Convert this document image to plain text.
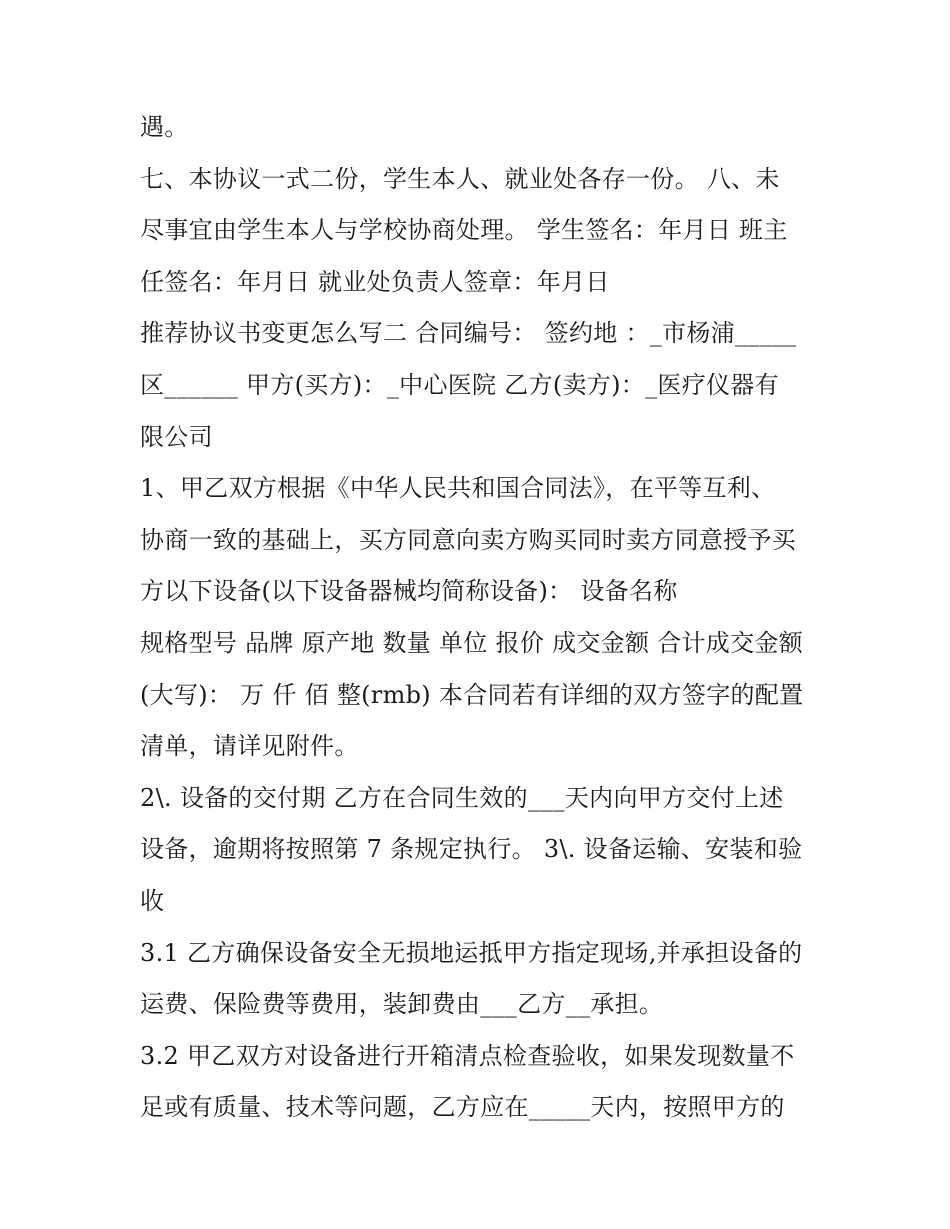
遇。
七、本协议一式二份，学生本人、就业处各存一份。 八、未
尽事宜由学生本人与学校协商处理。 学生签名：年月日 班主
任签名：年月日 就业处负责人签章：年月日
推荐协议书变更怎么写二 合同编号： 签约地 ：_市杨浦_____
区______ 甲方(买方)：_中心医院 乙方(卖方)：_医疗仪器有
限公司
1、甲乙双方根据《中华人民共和国合同法》，在平等互利、
协商一致的基础上，买方同意向卖方购买同时卖方同意授予买
方以下设备(以下设备器械均简称设备)： 设备名称
规格型号 品牌 原产地 数量 单位 报价 成交金额 合计成交金额
(大写)： 万 仟 佰 整(rmb) 本合同若有详细的双方签字的配置
清单，请详见附件。
2\. 设备的交付期 乙方在合同生效的___天内向甲方交付上述
设备，逾期将按照第 7 条规定执行。 3\. 设备运输、安装和验
收
3.1 乙方确保设备安全无损地运抵甲方指定现场,并承担设备的
运费、保险费等费用，装卸费由___乙方__承担。
3.2 甲乙双方对设备进行开箱清点检查验收，如果发现数量不
足或有质量、技术等问题，乙方应在_____天内，按照甲方的
